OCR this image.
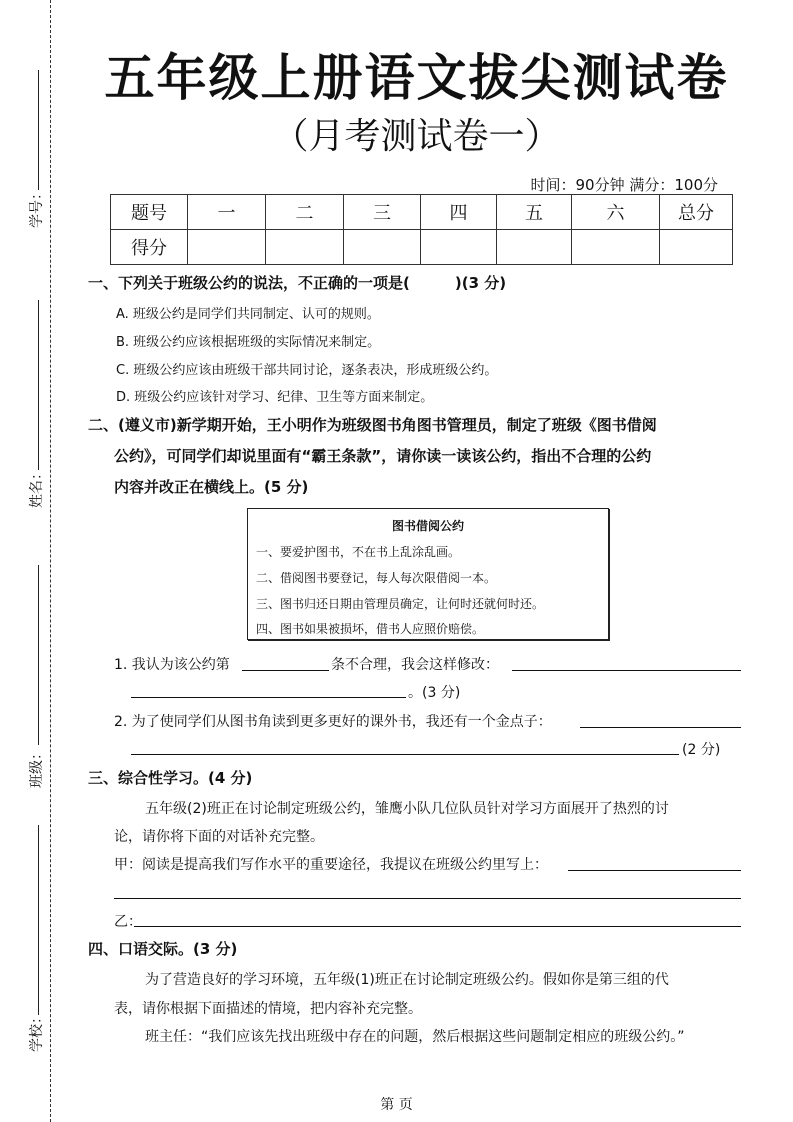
学号：
姓名：
班级：
学校：
五年级上册语文拔尖测试卷
（月考测试卷一）
时间：90分钟 满分：100分
题号	一	二	三	四	五	六	总分
得分							
一、下列关于班级公约的说法，不正确的一项是(　　　)(3 分)
A. 班级公约是同学们共同制定、认可的规则。
B. 班级公约应该根据班级的实际情况来制定。
C. 班级公约应该由班级干部共同讨论，逐条表决，形成班级公约。
D. 班级公约应该针对学习、纪律、卫生等方面来制定。
二、(遵义市)新学期开始，王小明作为班级图书角图书管理员，制定了班级《图书借阅
公约》，可同学们却说里面有“霸王条款”，请你读一读该公约，指出不合理的公约
内容并改正在横线上。(5 分)
图书借阅公约
一、要爱护图书，不在书上乱涂乱画。
二、借阅图书要登记，每人每次限借阅一本。
三、图书归还日期由管理员确定，让何时还就何时还。
四、图书如果被损坏，借书人应照价赔偿。
1. 我认为该公约第	条不合理，我会这样修改：
。(3 分)
2. 为了使同学们从图书角读到更多更好的课外书，我还有一个金点子：
(2 分)
三、综合性学习。(4 分)
五年级(2)班正在讨论制定班级公约，雏鹰小队几位队员针对学习方面展开了热烈的讨
论，请你将下面的对话补充完整。
甲：阅读是提高我们写作水平的重要途径，我提议在班级公约里写上：
乙：
四、口语交际。(3 分)
为了营造良好的学习环境，五年级(1)班正在讨论制定班级公约。假如你是第三组的代
表，请你根据下面描述的情境，把内容补充完整。
班主任：“我们应该先找出班级中存在的问题，然后根据这些问题制定相应的班级公约。”
第 页
